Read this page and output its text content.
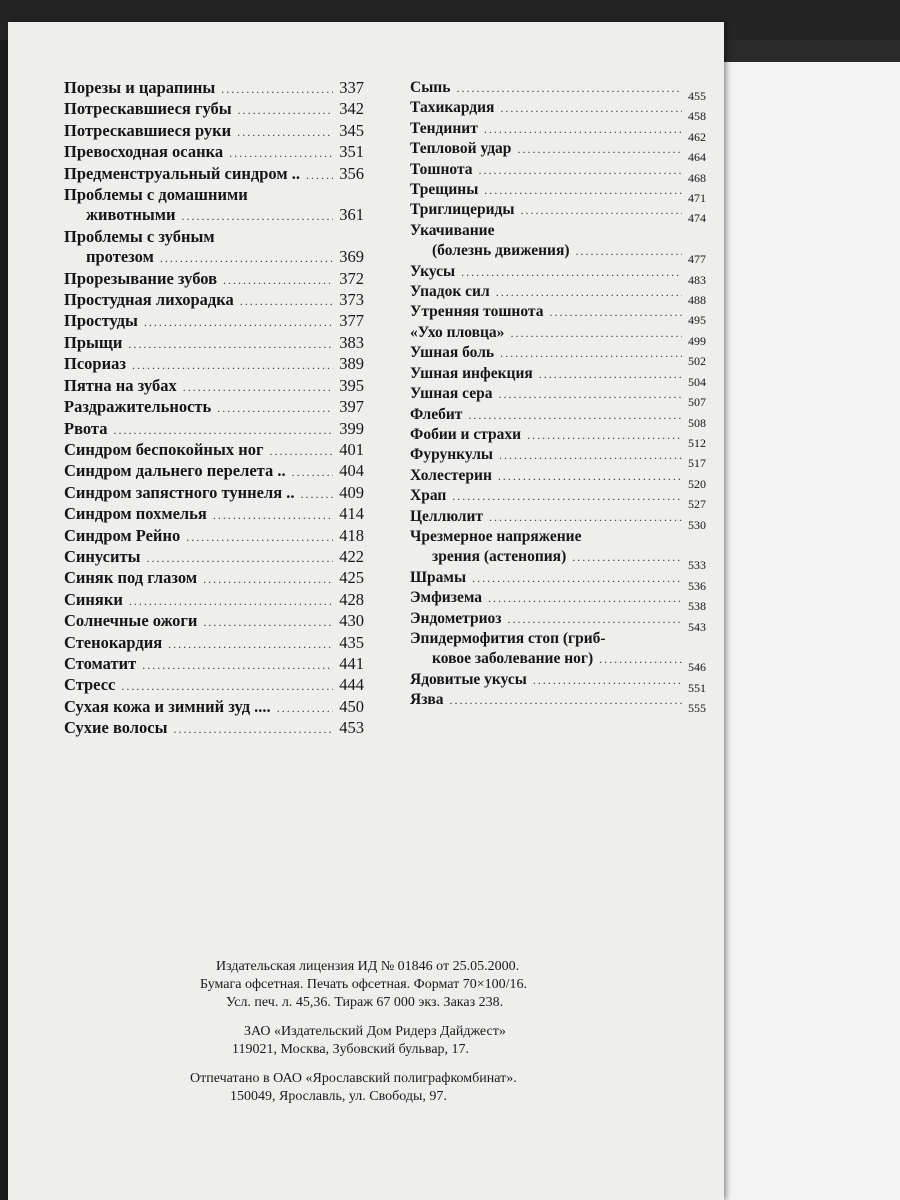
Порезы и царапины .....	337
Потрескавшиеся губы .....	342
Потрескавшиеся руки .....	345
Превосходная осанка .....	351
Предменструальный синдром .. ..... 356
Проблемы с домашними
животными .....	361
Проблемы с зубным
протезом .....	369
Прорезывание зубов .....	372
Простудная лихорадка .....	373
Простуды .....	377
Прыщи .....	383
Псориаз .....	389
Пятна на зубах .....	395
Раздражительность .....	397
Рвота .....	399
Синдром беспокойных ног .....	401
Синдром дальнего перелета .. .....	404
Синдром запястного туннеля .. .....	409
Синдром похмелья .....	414
Синдром Рейно .....	418
Синуситы .....	422
Синяк под глазом .....	425
Синяки .....	428
Солнечные ожоги .....	430
Стенокардия .....	435
Стоматит .....	441
Стресс .....	444
Сухая кожа и зимний зуд .... .....	450
Сухие волосы .....	453
Сыпь .....	455
Тахикардия .....	458
Тендинит .....	462
Тепловой удар .....	464
Тошнота .....	468
Трещины .....	471
Триглицериды .....	474
Укачивание
(болезнь движения) .....	477
Укусы .....	483
Упадок сил .....	488
Утренняя тошнота .....	495
«Ухо пловца» .....	499
Ушная боль .....	502
Ушная инфекция .....	504
Ушная сера .....	507
Флебит .....	508
Фобии и страхи .....	512
Фурункулы .....	517
Холестерин .....	520
Храп .....	527
Целлюлит .....	530
Чрезмерное напряжение
зрения (астенопия) .....	533
Шрамы .....	536
Эмфизема .....	538
Эндометриоз .....	543
Эпидермофития стоп (гриб-
ковое заболевание ног) .....	546
Ядовитые укусы .....	551
Язва .....	555
Издательская лицензия ИД № 01846 от 25.05.2000.
Бумага офсетная. Печать офсетная. Формат 70×100/16.
Усл. печ. л. 45,36. Тираж 67 000 экз. Заказ 238.
ЗАО «Издательский Дом Ридерз Дайджест»
119021, Москва, Зубовский бульвар, 17.
Отпечатано в ОАО «Ярославский полиграфкомбинат».
150049, Ярославль, ул. Свободы, 97.
